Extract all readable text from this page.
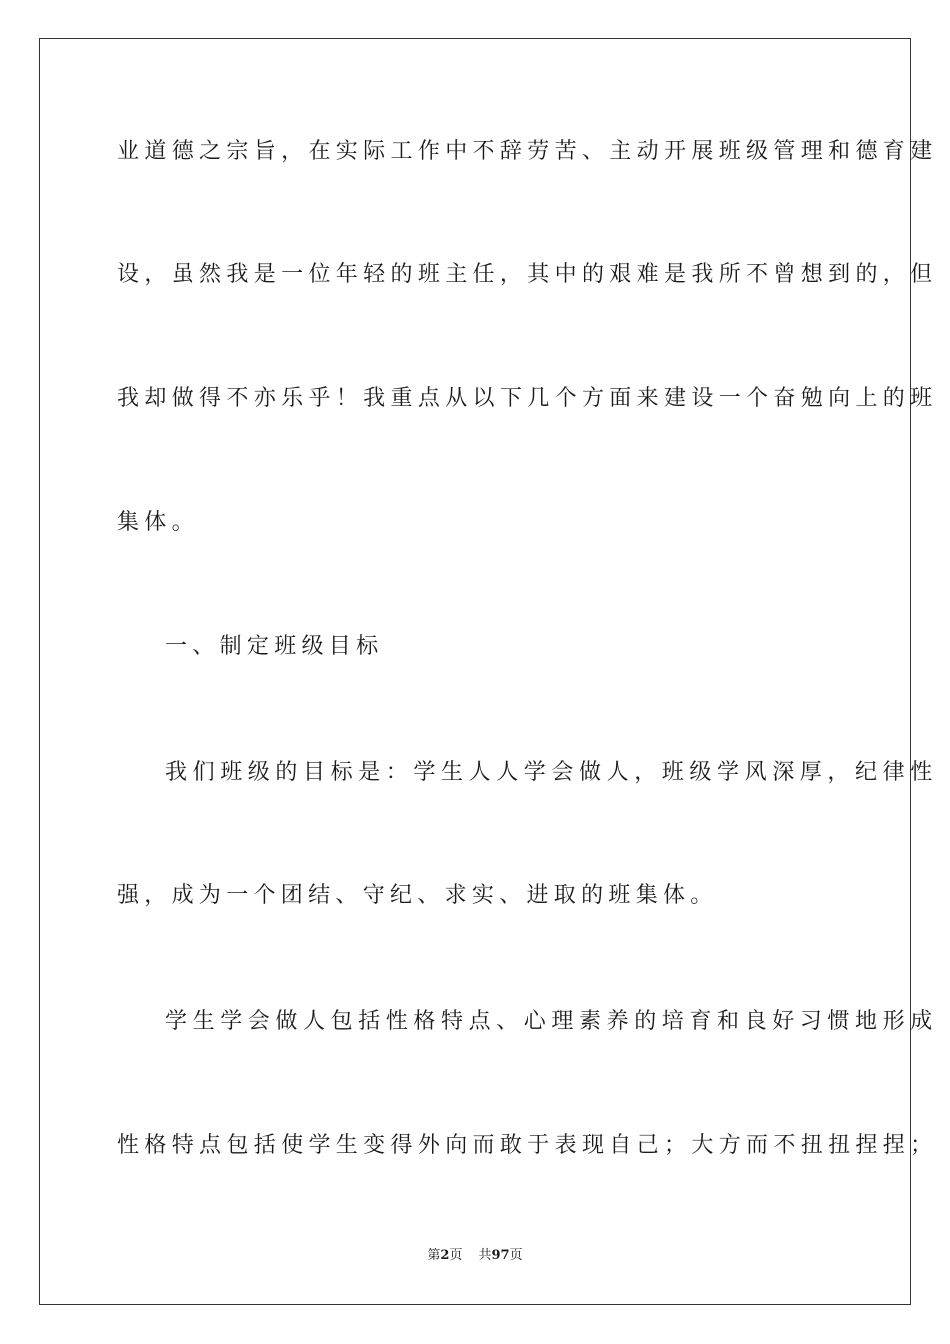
业道德之宗旨，在实际工作中不辞劳苦、主动开展班级管理和德育建
设，虽然我是一位年轻的班主任，其中的艰难是我所不曾想到的，但
我却做得不亦乐乎！我重点从以下几个方面来建设一个奋勉向上的班
集体。
一、制定班级目标
我们班级的目标是：学生人人学会做人，班级学风深厚，纪律性
强，成为一个团结、守纪、求实、进取的班集体。
学生学会做人包括性格特点、心理素养的培育和良好习惯地形成
性格特点包括使学生变得外向而敢于表现自己；大方而不扭扭捏捏；
第2页 共97页
